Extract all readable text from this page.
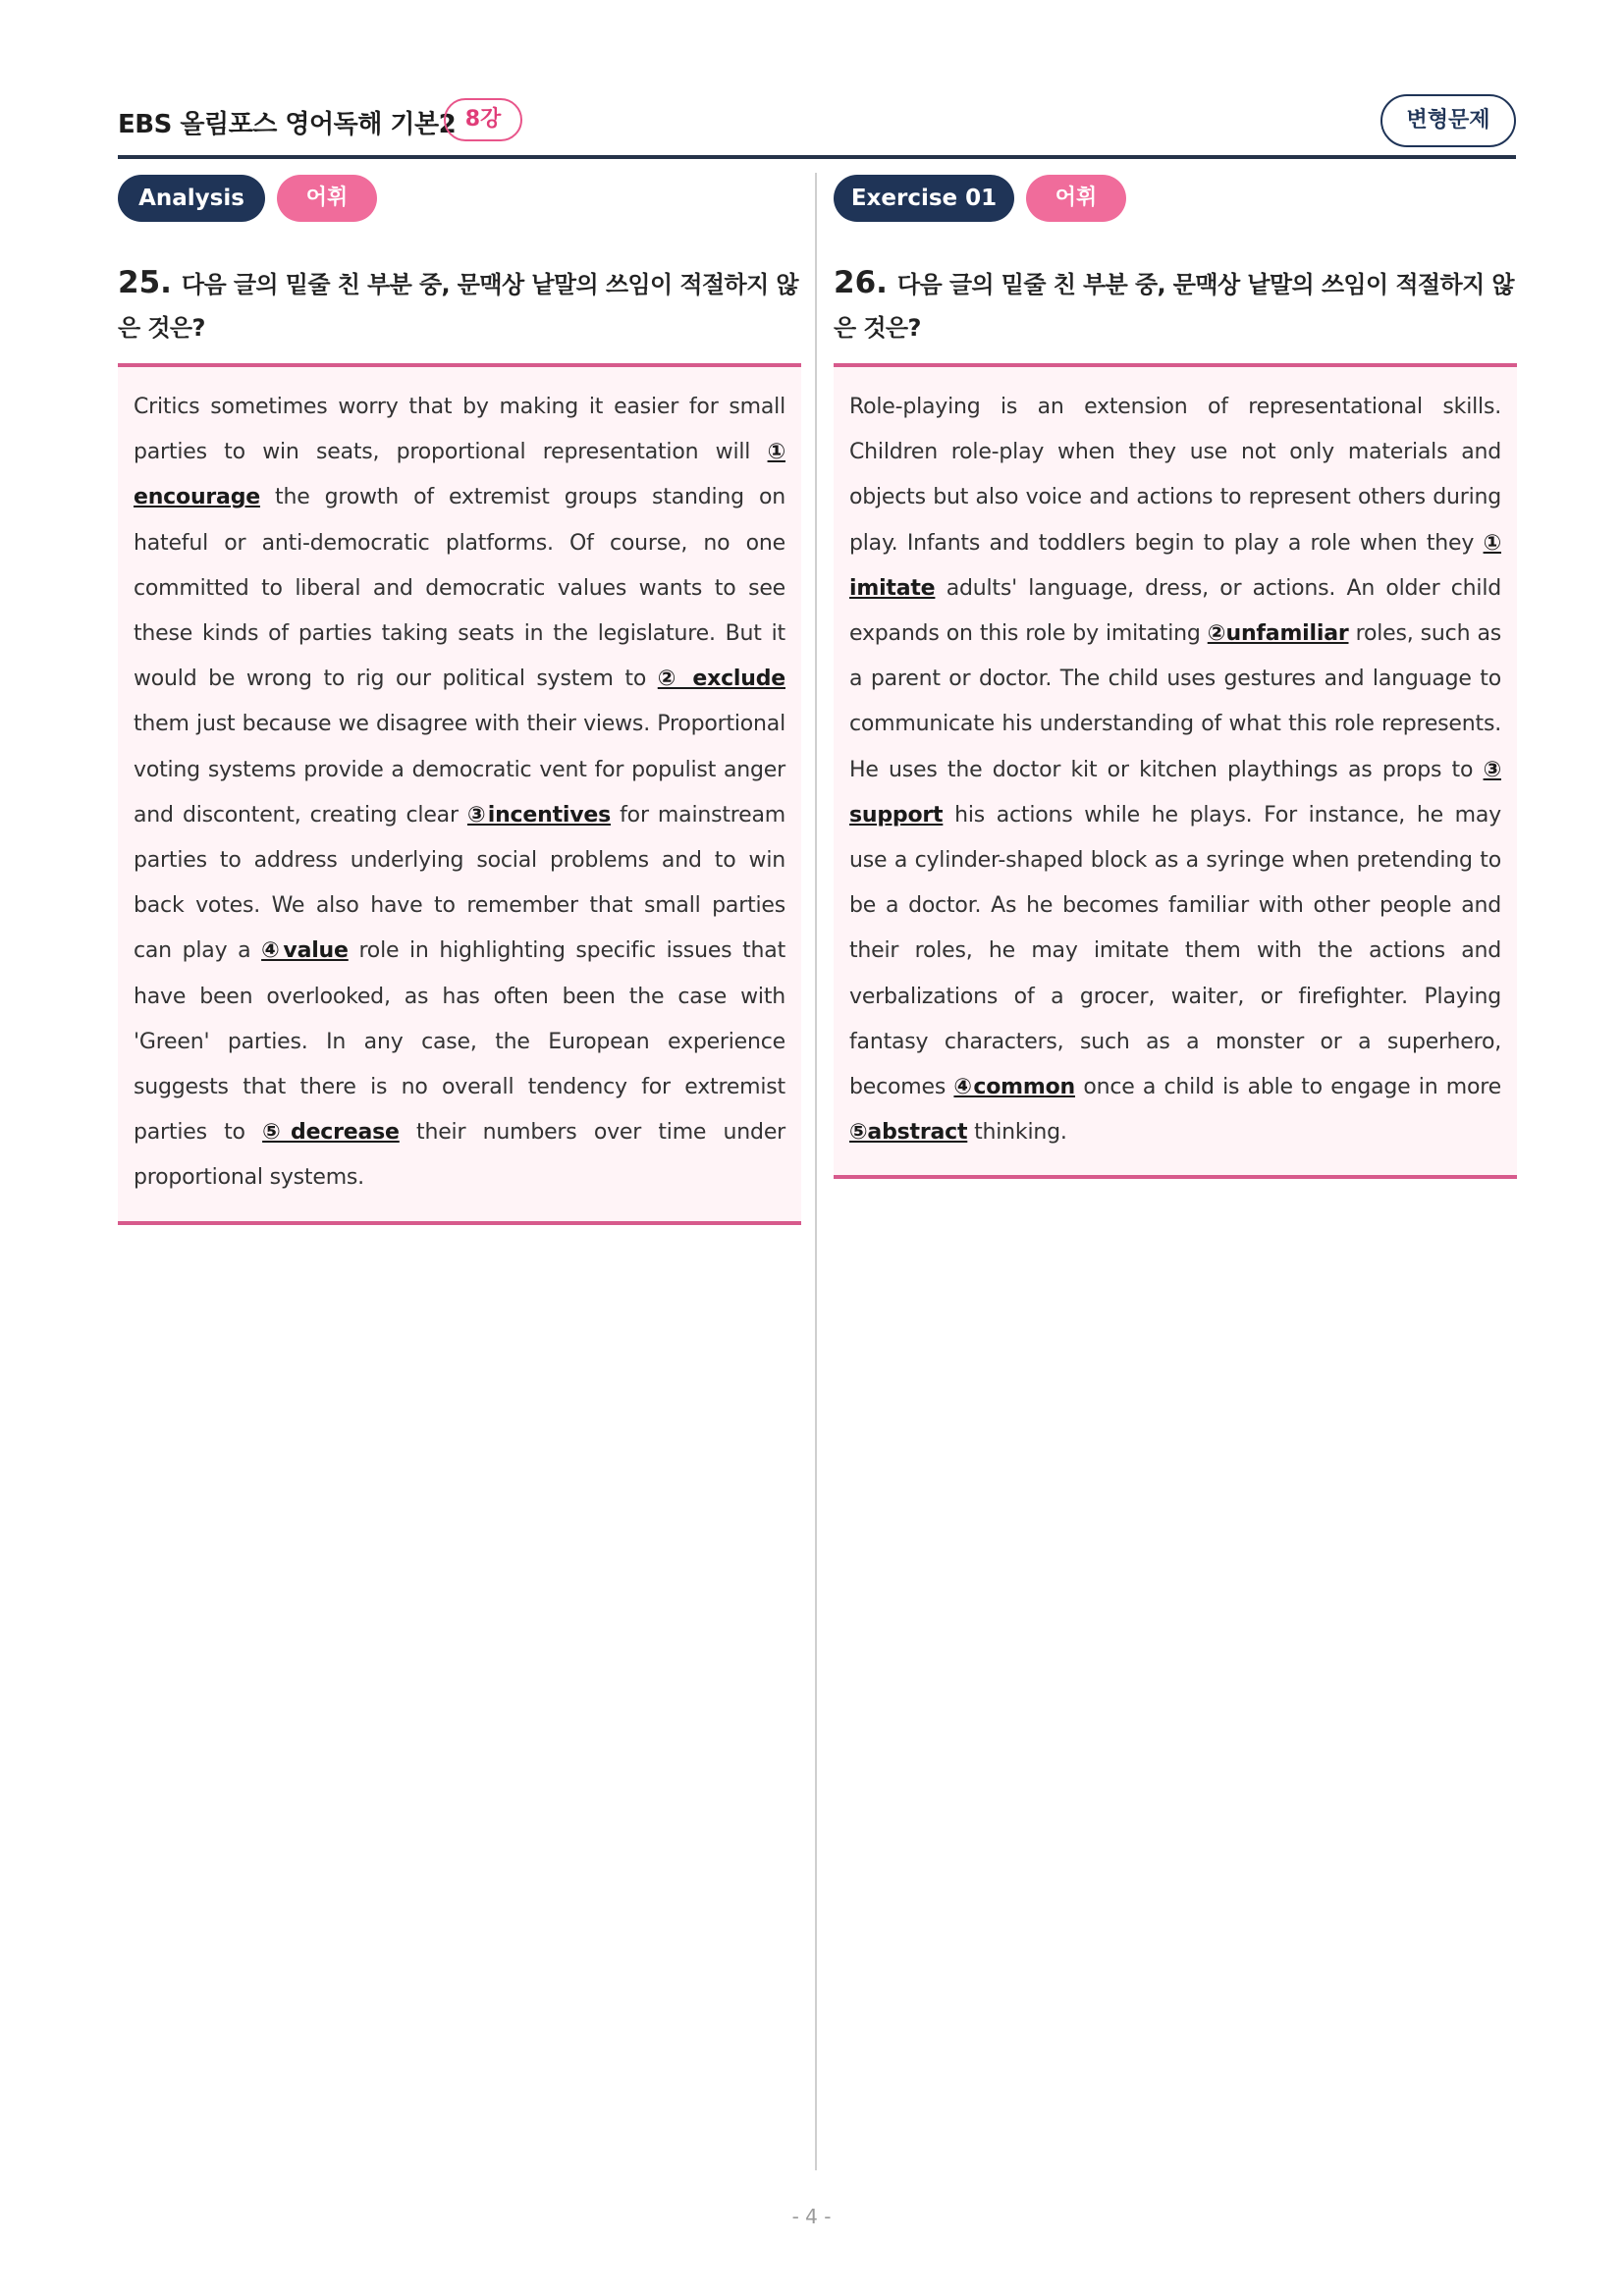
EBS 올림포스 영어독해 기본2 8강	변형문제
Analysis	어휘
25. 다음 글의 밑줄 친 부분 중, 문맥상 낱말의 쓰임이 적절하지 않은 것은?
Critics sometimes worry that by making it easier for small parties to win seats, proportional representation will ① encourage the growth of extremist groups standing on hateful or anti-democratic platforms. Of course, no one committed to liberal and democratic values wants to see these kinds of parties taking seats in the legislature. But it would be wrong to rig our political system to ② exclude them just because we disagree with their views. Proportional voting systems provide a democratic vent for populist anger and discontent, creating clear ③incentives for mainstream parties to address underlying social problems and to win back votes. We also have to remember that small parties can play a ④value role in highlighting specific issues that have been overlooked, as has often been the case with 'Green' parties. In any case, the European experience suggests that there is no overall tendency for extremist parties to ⑤decrease their numbers over time under proportional systems.
Exercise 01	어휘
26. 다음 글의 밑줄 친 부분 중, 문맥상 낱말의 쓰임이 적절하지 않은 것은?
Role-playing is an extension of representational skills. Children role-play when they use not only materials and objects but also voice and actions to represent others during play. Infants and toddlers begin to play a role when they ① imitate adults' language, dress, or actions. An older child expands on this role by imitating ②unfamiliar roles, such as a parent or doctor. The child uses gestures and language to communicate his understanding of what this role represents. He uses the doctor kit or kitchen playthings as props to ③ support his actions while he plays. For instance, he may use a cylinder-shaped block as a syringe when pretending to be a doctor. As he becomes familiar with other people and their roles, he may imitate them with the actions and verbalizations of a grocer, waiter, or firefighter. Playing fantasy characters, such as a monster or a superhero, becomes ④common once a child is able to engage in more ⑤abstract thinking.
- 4 -
